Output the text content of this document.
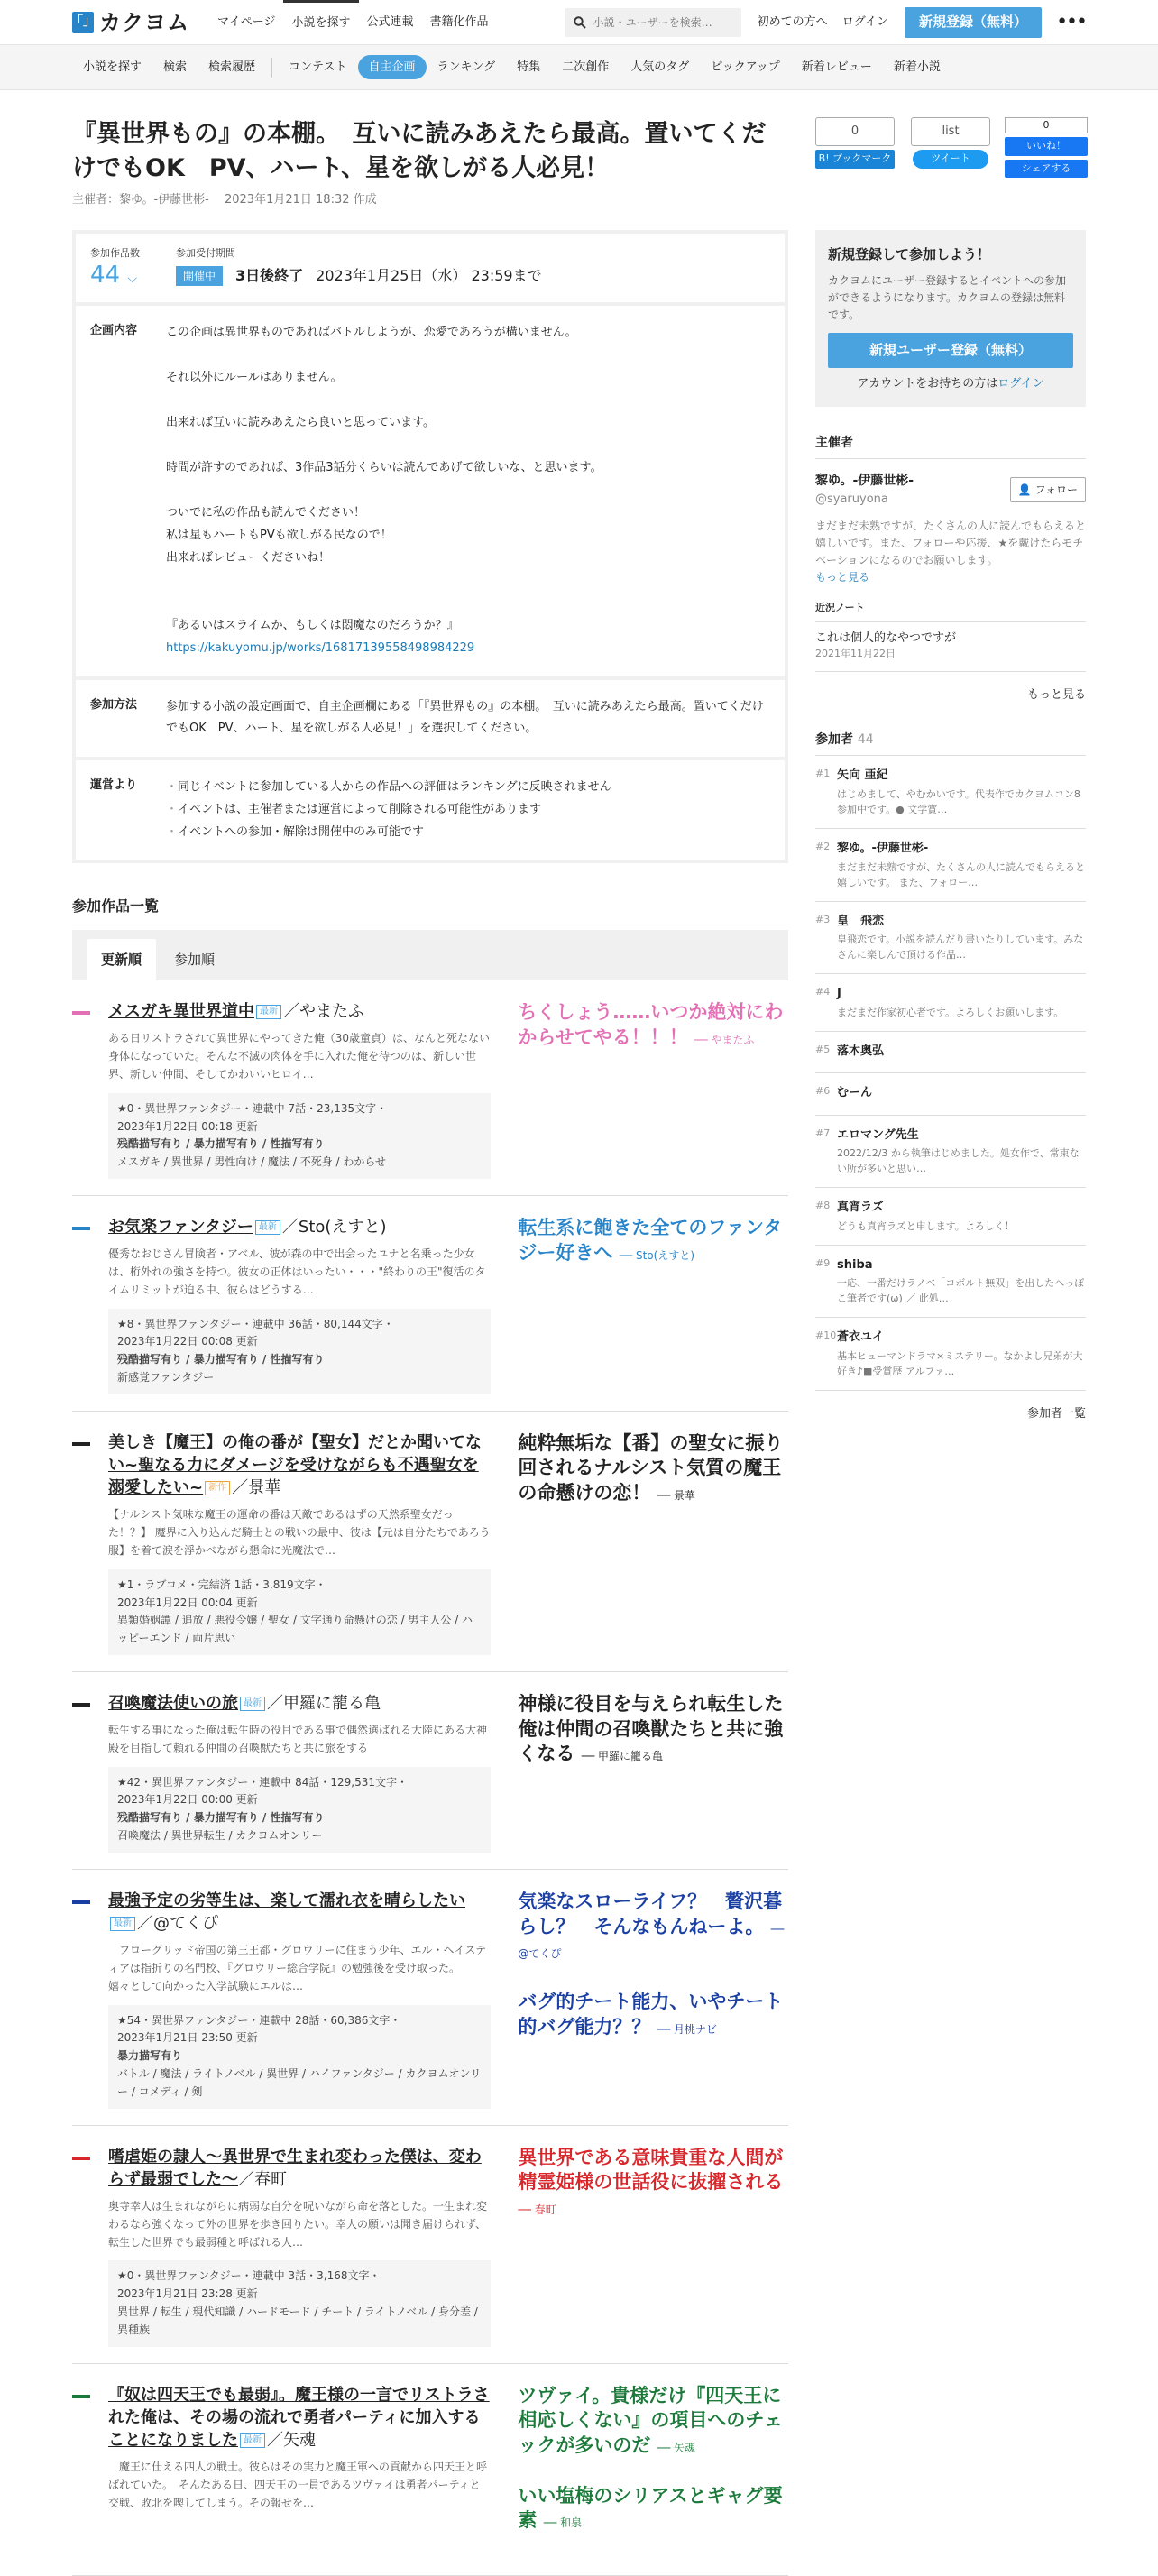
「」 カクヨム	マイページ	小説を探す	公式連載	書籍化作品
小説・ユーザーを検索…	初めての方へ ログイン	新規登録（無料）	•••
小説を探す	検索	検索履歴	コンテスト	自主企画	ランキング	特集	二次創作	人気のタグ	ピックアップ	新着レビュー	新着小説
『異世界もの』の本棚。　互いに読みあえたら最高。置いてくだけでもOK　PV、ハート、星を欲しがる人必見！
主催者：黎ゆ。-伊藤世彬-　 2023年1月21日 18:32 作成
0
B! ブックマーク
list
ツイート
0
いいね！
シェアする
参加作品数
44 ⌵
参加受付期間
開催中	3日後終了 2023年1月25日（水） 23:59まで
企画内容	この企画は異世界ものであればバトルしようが、恋愛であろうが構いません。

それ以外にルールはありません。

出来れば互いに読みあえたら良いと思っています。

時間が許すのであれば、3作品3話分くらいは読んであげて欲しいな、と思います。

ついでに私の作品も読んでください！

私は星もハートもPVも欲しがる民なので！

出来ればレビューくださいね！

『あるいはスライムか、もしくは悶魔なのだろうか？』

https://kakuyomu.jp/works/16817139558498984229

参加方法	参加する小説の設定画面で、自主企画欄にある「『異世界もの』の本棚。　互いに読みあえたら最高。置いてくだけでもOK　PV、ハート、星を欲しがる人必見！」を選択してください。
運営より
・	同じイベントに参加している人からの作品への評価はランキングに反映されません
・ イベントは、主催者または運営によって削除される可能性があります
・ イベントへの参加・解除は開催中のみ可能です
参加作品一覧
更新順	参加順
メスガキ異世界道中 最新 ／やまたふ
ある日リストラされて異世界にやってきた俺（30歳童貞）は、なんと死なない身体になっていた。そんな不滅の肉体を手に入れた俺を待つのは、新しい世界、新しい仲間、そしてかわいいヒロイ…
★0・異世界ファンタジー・連載中 7話・23,135文字・
2023年1月22日 00:18 更新
残酷描写有り / 暴力描写有り / 性描写有り
メスガキ / 異世界 / 男性向け / 魔法 / 不死身 / わからせ
ちくしょう……いつか絶対にわからせてやる！！！ ── やまたふ
お気楽ファンタジー 最新 ／Sto(えすと)
優秀なおじさん冒険者・アベル、彼が森の中で出会ったユナと名乗った少女は、桁外れの強さを持つ。彼女の正体はいったい・・・"終わりの王"復活のタイムリミットが迫る中、彼らはどうする…
★8・異世界ファンタジー・連載中 36話・80,144文字・
2023年1月22日 00:08 更新
残酷描写有り / 暴力描写有り / 性描写有り
新感覚ファンタジー
転生系に飽きた全てのファンタジー好きへ ── Sto(えすと)
美しき【魔王】の俺の番が【聖女】だとか聞いてない~聖なる力にダメージを受けながらも不遇聖女を溺愛したい~ 新作 ／景華
【ナルシスト気味な魔王の運命の番は天敵であるはずの天然系聖女だった！？】 魔界に入り込んだ騎士との戦いの最中、彼は【元は自分たちであろう服】を着て涙を浮かべながら懇命に光魔法で…
★1・ラブコメ・完結済 1話・3,819文字・
2023年1月22日 00:04 更新
異類婚姻譚 / 追放 / 悪役令嬢 / 聖女 / 文字通り命懸けの恋 / 男主人公 / ハッピーエンド / 両片思い
純粋無垢な【番】の聖女に振り回されるナルシスト気質の魔王の命懸けの恋！ ── 景華
召喚魔法使いの旅 最新 ／甲羅に籠る亀
転生する事になった俺は転生時の役目である事で偶然選ばれる大陸にある大神殿を目指して頼れる仲間の召喚獣たちと共に旅をする
★42・異世界ファンタジー・連載中 84話・129,531文字・
2023年1月22日 00:00 更新
残酷描写有り / 暴力描写有り / 性描写有り
召喚魔法 / 異世界転生 / カクヨムオンリー
神様に役目を与えられ転生した俺は仲間の召喚獣たちと共に強くなる ── 甲羅に籠る亀
最強予定の劣等生は、楽して濡れ衣を晴らしたい最新 ／@てくぴ
　フローグリッド帝国の第三王都・グロウリーに住まう少年、エル・ヘイスティアは指折りの名門校、『グロウリー総合学院』の勉強後を受け取った。　　嬉々として向かった入学試験にエルは…
★54・異世界ファンタジー・連載中 28話・60,386文字・
2023年1月21日 23:50 更新
暴力描写有り
バトル / 魔法 / ライトノベル / 異世界 / ハイファンタジー / カクヨムオンリー / コメディ / 剣
気楽なスローライフ？　贅沢暮らし？　そんなもんねーよ。 ── @てくぴ
バグ的チート能力、いやチート的バグ能力？？ ── 月桃ナビ
嗜虐姫の隷人〜異世界で生まれ変わった僕は、変わらず最弱でした〜／春町
奥寺幸人は生まれながらに病弱な自分を呪いながら命を落とした。一生まれ変わるなら強くなって外の世界を歩き回りたい。幸人の願いは聞き届けられず、転生した世界でも最弱種と呼ばれる人…
★0・異世界ファンタジー・連載中 3話・3,168文字・
2023年1月21日 23:28 更新
異世界 / 転生 / 現代知識 / ハードモード / チート / ライトノベル / 身分差 / 異種族
異世界である意味貴重な人間が精霊姫様の世話役に抜擢される ── 春町
『奴は四天王でも最弱』。魔王様の一言でリストラされた俺は、その場の流れで勇者パーティに加入することになりました 最新 ／矢魂
　魔王に仕える四人の戦士。彼らはその実力と魔王軍への貢献から四天王と呼ばれていた。　そんなある日、四天王の一員であるツヴァイは勇者パーティと交戦、敗北を喫してしまう。その報せを…
ツヴァイ。貴様だけ『四天王に相応しくない』の項目へのチェックが多いのだ ── 矢魂
いい塩梅のシリアスとギャグ要素 ── 和泉
新規登録して参加しよう！
カクヨムにユーザー登録するとイベントへの参加ができるようになります。カクヨムの登録は無料です。
新規ユーザー登録（無料）
アカウントをお持ちの方はログイン
主催者
黎ゆ。-伊藤世彬-
@syaruyona
👤 フォロー
まだまだ未熟ですが、たくさんの人に読んでもらえると嬉しいです。また、フォローや応援、★を戴けたらモチベーションになるのでお願いします。
もっと見る
近況ノート
これは個人的なやつですが
2021年11月22日
もっと見る
参加者 44
#1 矢向 亜紀
はじめまして、やむかいです。代表作でカクヨムコン8参加中です。● 文学賞…
#2 黎ゆ。-伊藤世彬-
まだまだ未熟ですが、たくさんの人に読んでもらえると嬉しいです。 また、フォロー…
#3 皇　飛恋
皇飛恋です。小説を読んだり書いたりしています。みなさんに楽しんで頂ける作品…
#4 J
まだまだ作家初心者です。よろしくお願いします。
#5 落木奥弘
#6 むーん
#7 エロマング先生
2022/12/3 から執筆はじめました。処女作で、常束ない所が多いと思い…
#8 真宵ラズ
どうも真宵ラズと申します。よろしく！
#9 shiba
一応、一番だけラノベ「コボルト無双」を出したへっぽこ筆者です(ω) ／ 此処…
#10 蒼衣ユイ
基本ヒューマンドラマ×ミステリー。なかよし兄弟が大好き♪■受賞歴 アルファ…
参加者一覧
